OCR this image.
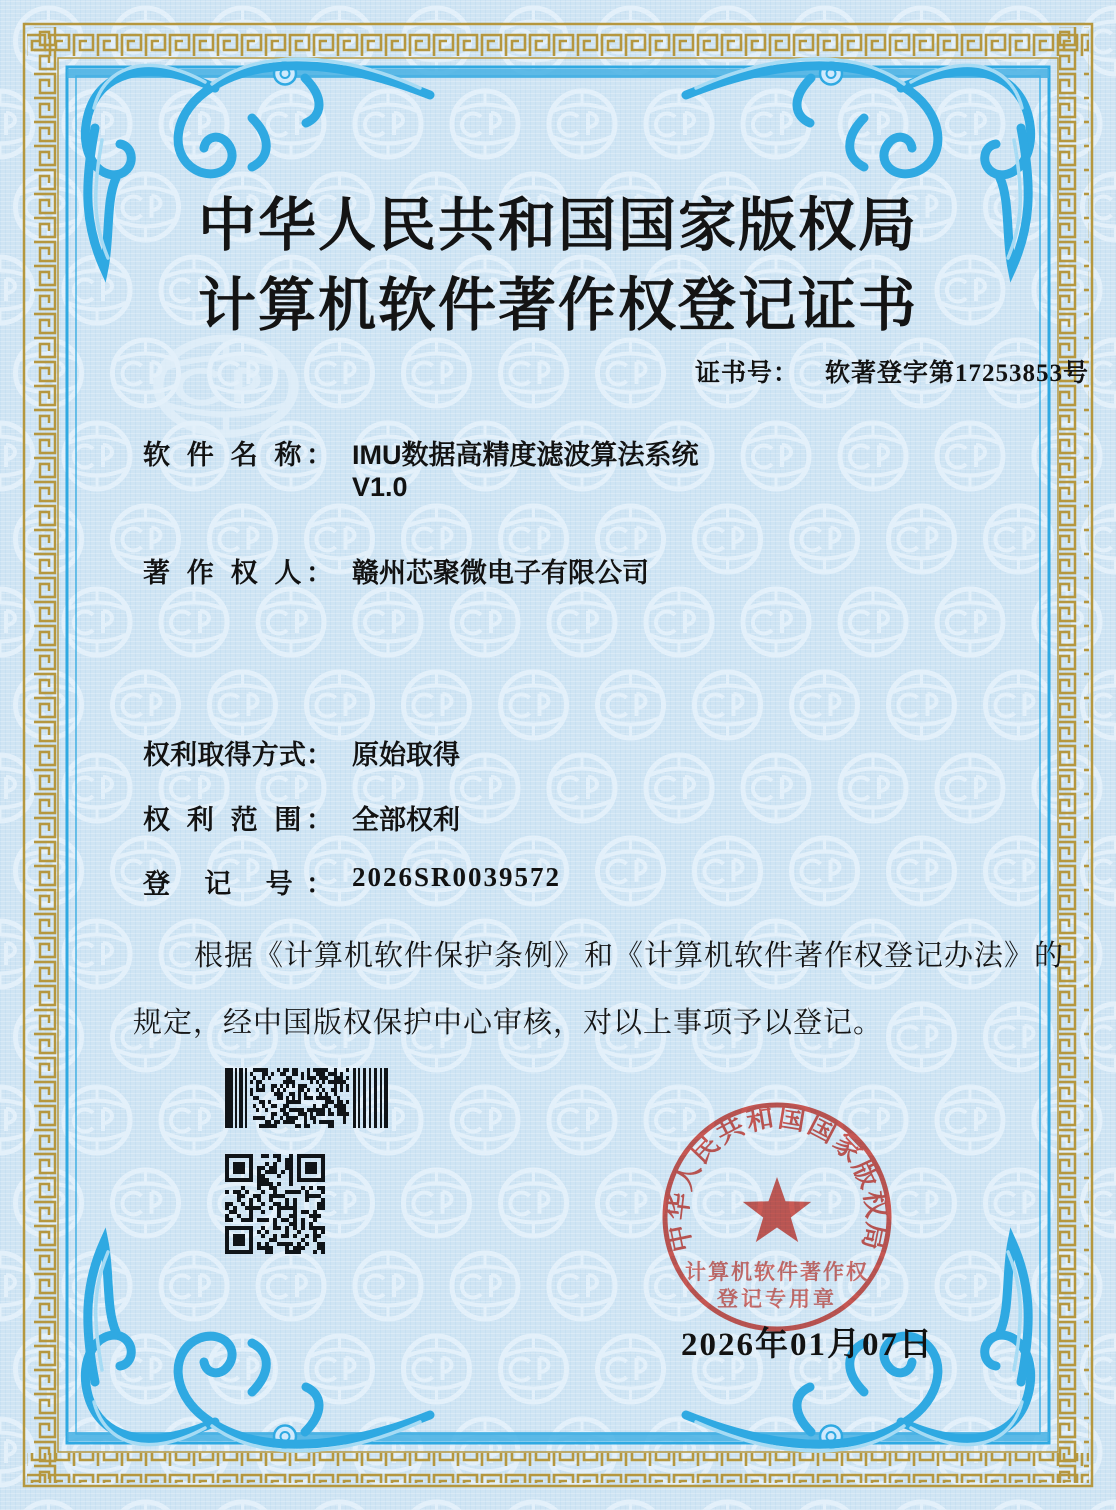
中华人民共和国国家版权局
计算机软件著作权登记证书
证书号： 软著登字第17253853号
软 件 名 称： IMU数据高精度滤波算法系统
V1.0
著 作 权 人： 赣州芯聚微电子有限公司
权利取得方式： 原始取得
权 利 范 围： 全部权利
登 记 号： 2026SR0039572
根据《计算机软件保护条例》和《计算机软件著作权登记办法》的
规定，经中国版权保护中心审核，对以上事项予以登记。
中华人民共和国国家版权局
计算机软件著作权
登记专用章
2026年01月07日
